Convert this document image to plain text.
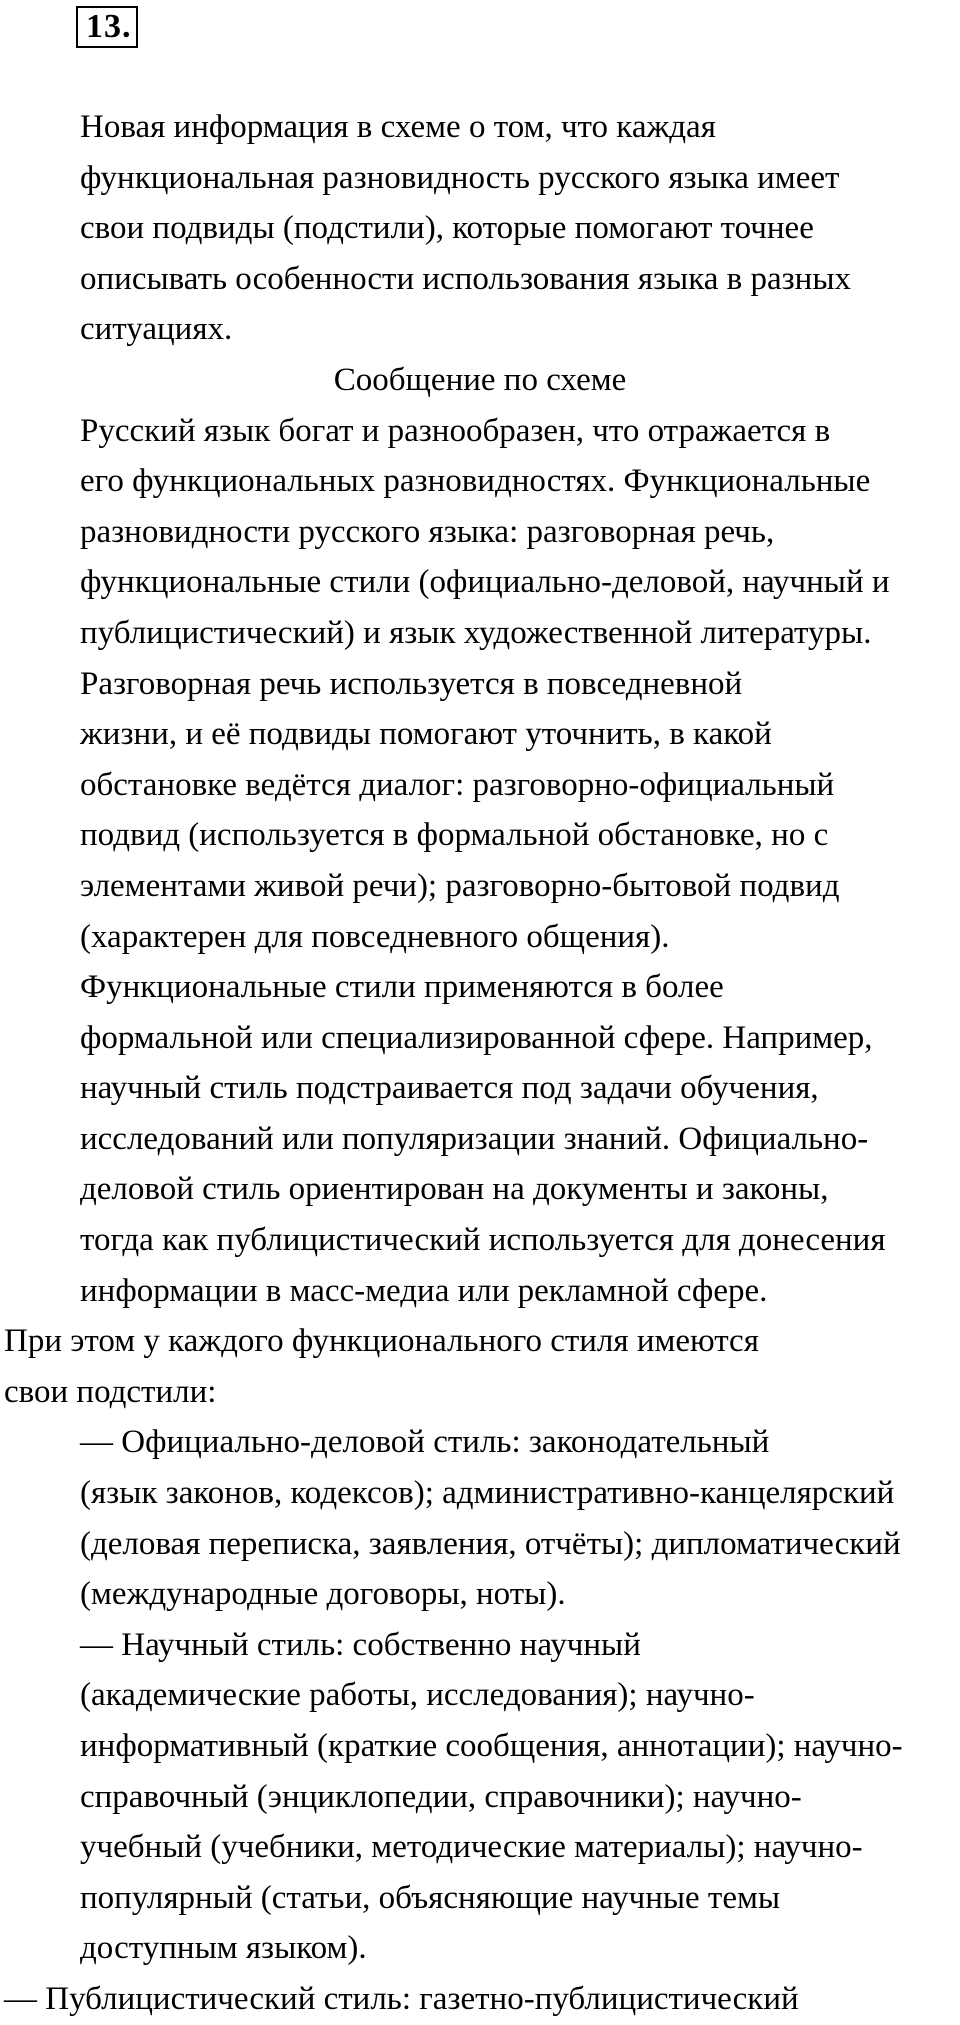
13.

Новая информация в схеме о том, что каждая
функциональная разновидность русского языка имеет
свои подвиды (подстили), которые помогают точнее
описывать особенности использования языка в разных
ситуациях.

Сообщение по схеме

Русский язык богат и разнообразен, что отражается в
его функциональных разновидностях. Функциональные
разновидности русского языка: разговорная речь,
функциональные стили (официально-деловой, научный и
публицистический) и язык художественной литературы.

Разговорная речь используется в повседневной
жизни, и её подвиды помогают уточнить, в какой
обстановке ведётся диалог: разговорно-официальный
подвид (используется в формальной обстановке, но с
элементами живой речи); разговорно-бытовой подвид
(характерен для повседневного общения).

Функциональные стили применяются в более
формальной или специализированной сфере. Например,
научный стиль подстраивается под задачи обучения,
исследований или популяризации знаний. Официально-
деловой стиль ориентирован на документы и законы,
тогда как публицистический используется для донесения
информации в масс-медиа или рекламной сфере.

При этом у каждого функционального стиля имеются
свои подстили:

— Официально-деловой стиль: законодательный
(язык законов, кодексов); административно-канцелярский
(деловая переписка, заявления, отчёты); дипломатический
(международные договоры, ноты).

— Научный стиль: собственно научный
(академические работы, исследования); научно-
информативный (краткие сообщения, аннотации); научно-
справочный (энциклопедии, справочники); научно-
учебный (учебники, методические материалы); научно-
популярный (статьи, объясняющие научные темы
доступным языком).

— Публицистический стиль: газетно-публицистический
